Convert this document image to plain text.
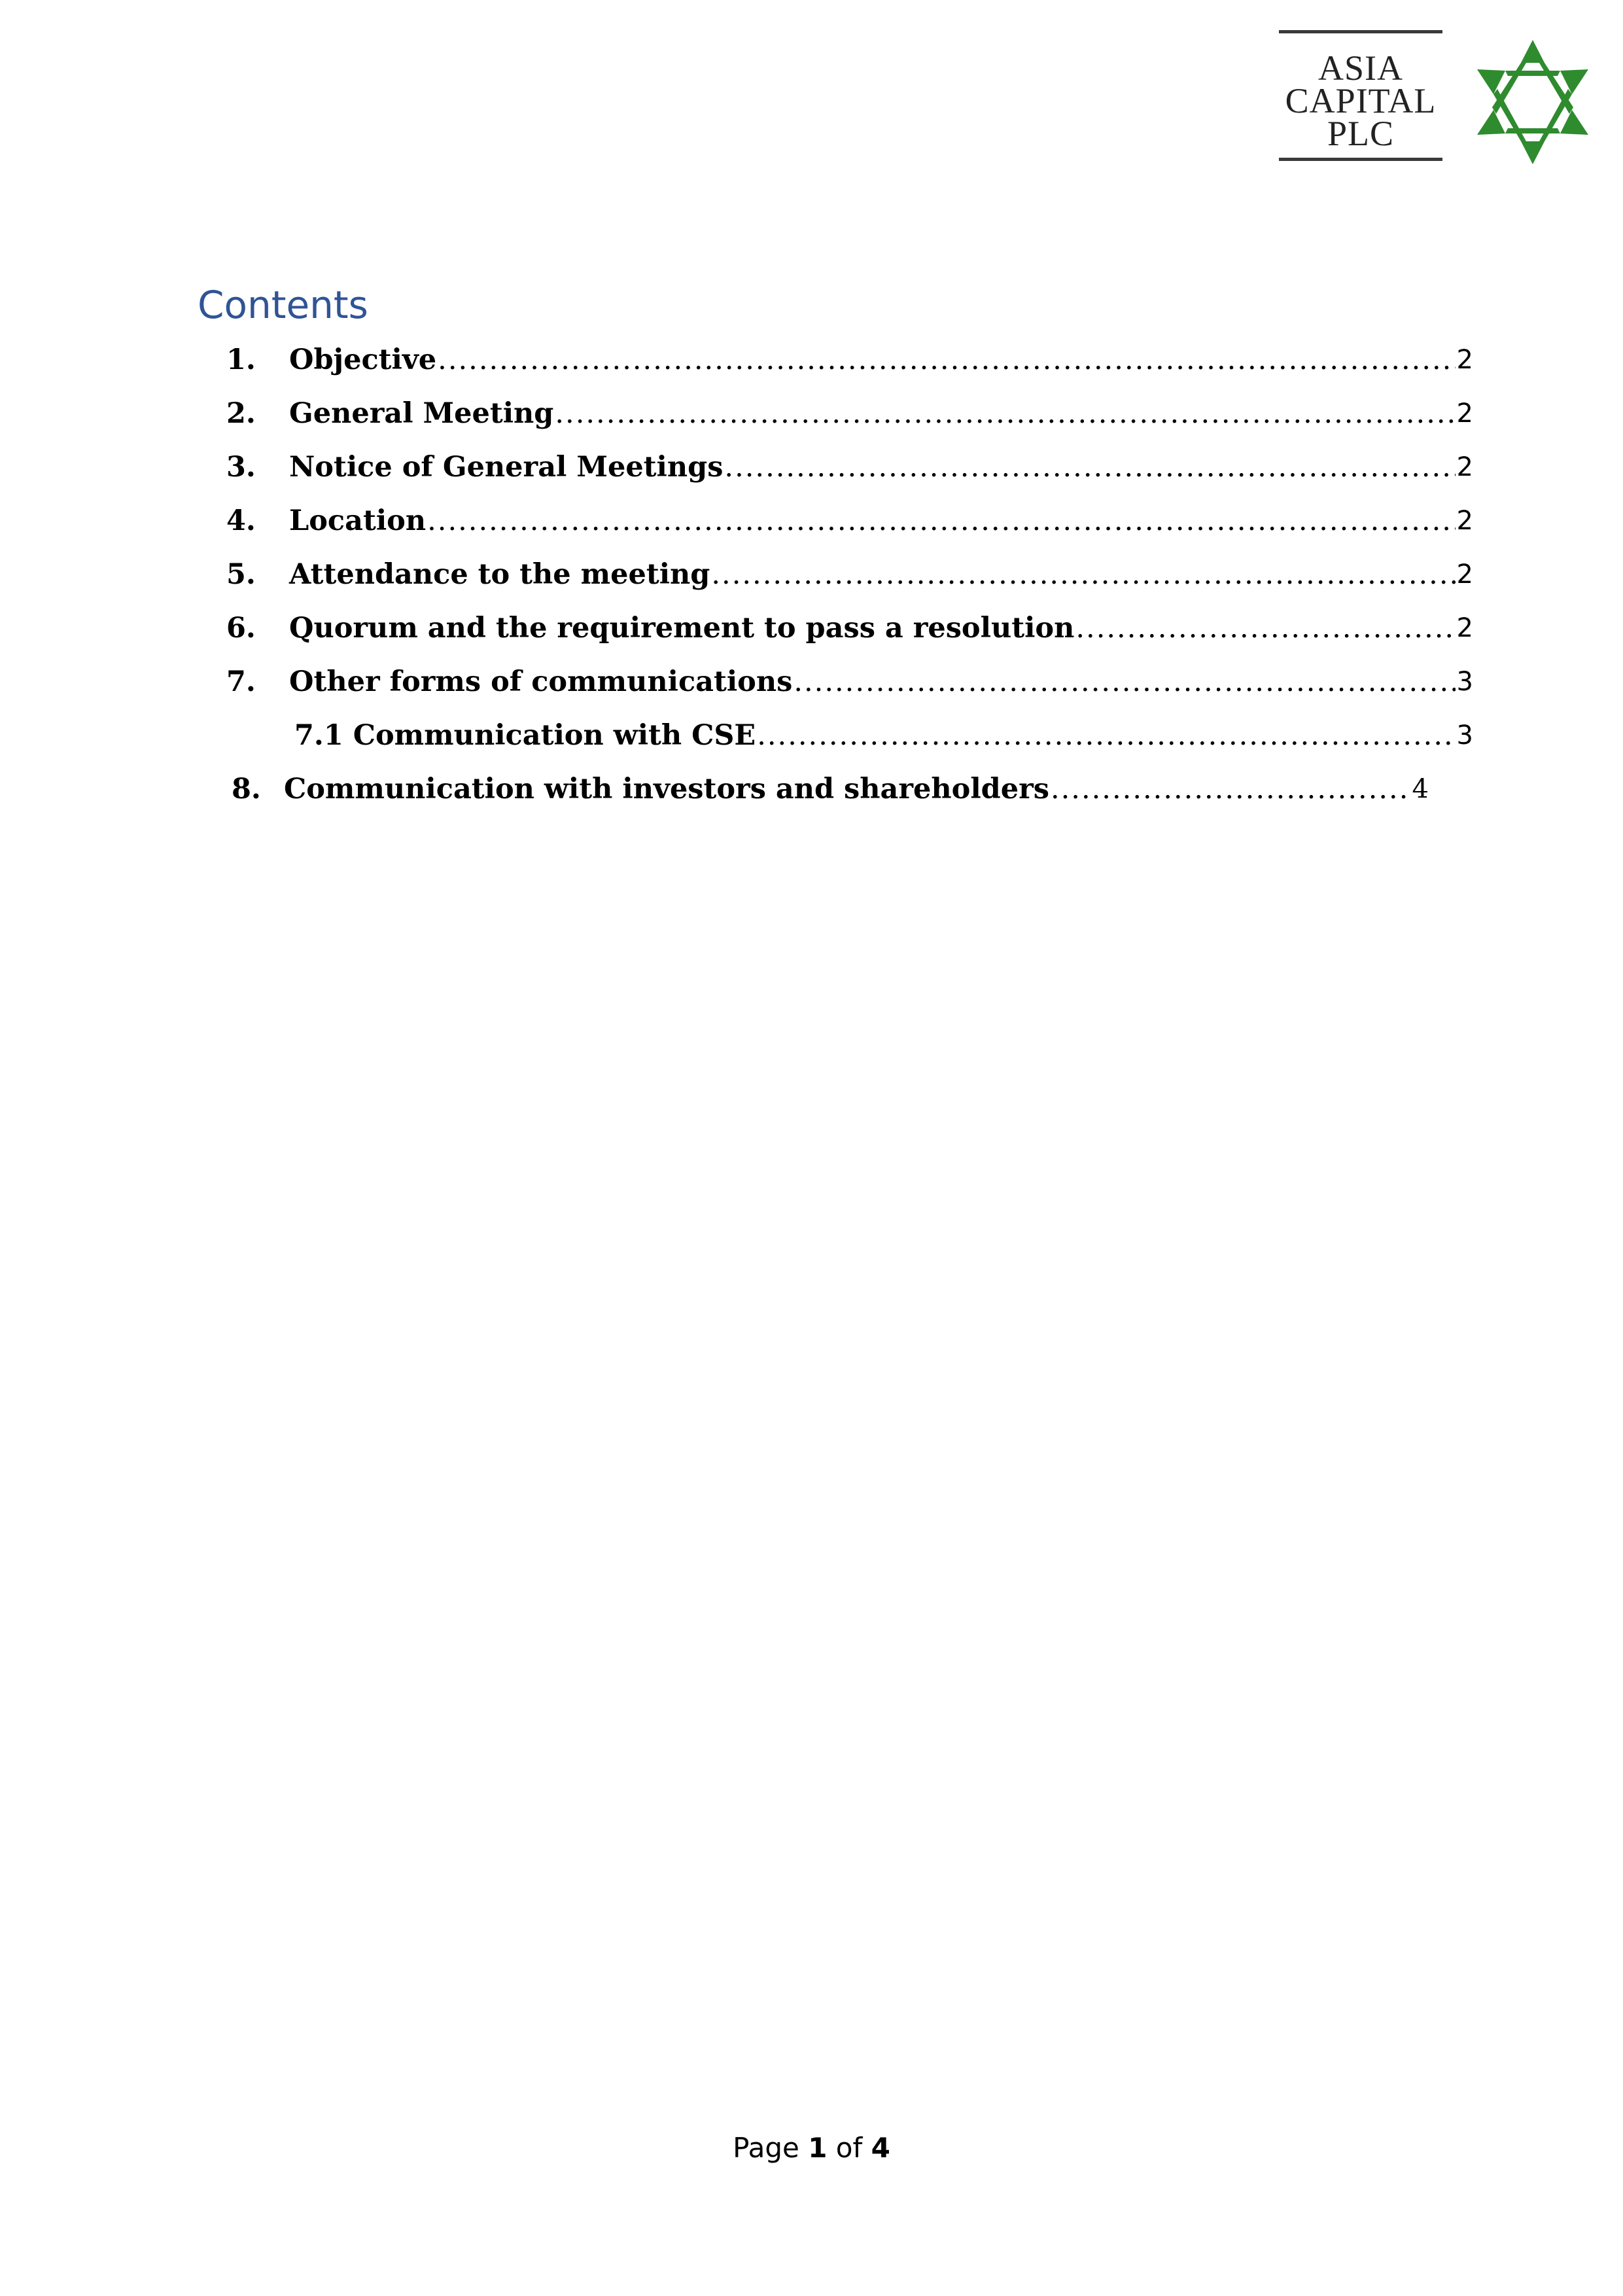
ASIA
CAPITAL
PLC
Contents
1.	Objective .....	2
2.	General Meeting .....	2
3.	Notice of General Meetings .....	2
4.	Location .....	2
5.	Attendance to the meeting .....	2
6.	Quorum and the requirement to pass a resolution .....	2
7.	Other forms of communications .....	3
7.1 Communication with CSE .....	3
8. Communication with investors and shareholders .....	4
Page 1 of 4
